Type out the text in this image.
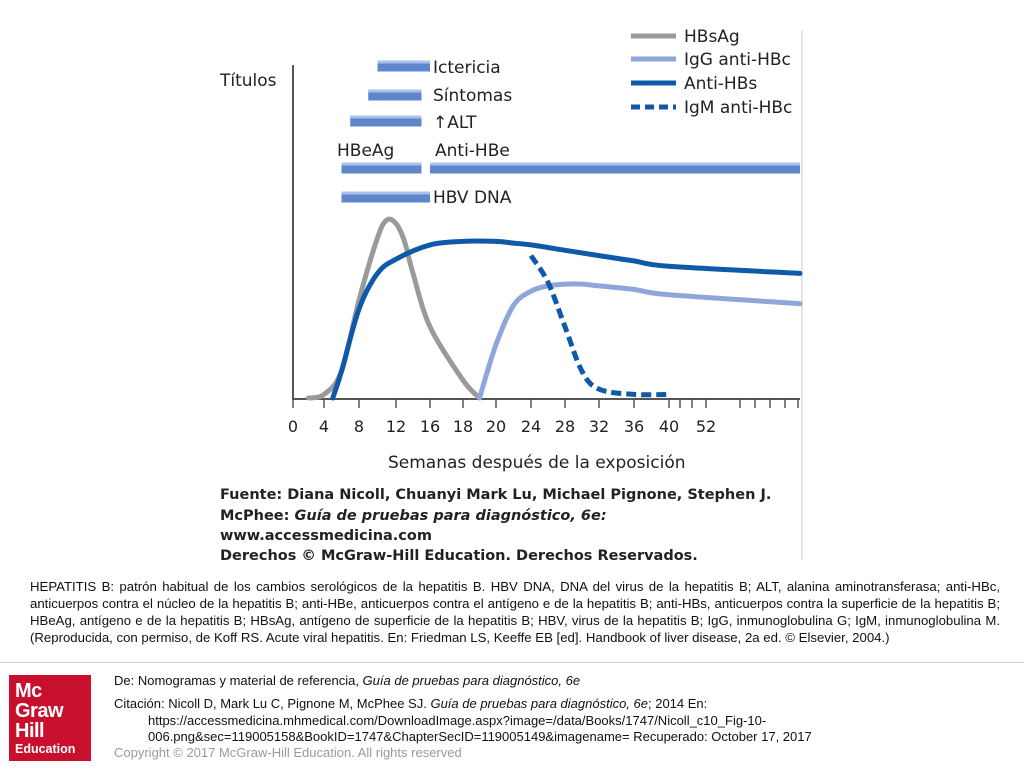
Títulos
Semanas después de la exposición
0 4 8 12 16 18 20 24 28 32 36 40 52
Ictericia
Síntomas
↑ALT
HBeAg Anti-HBe
HBV DNA
HBsAg
IgG anti-HBc
Anti-HBs
IgM anti-HBc
Fuente: Diana Nicoll, Chuanyi Mark Lu, Michael Pignone, Stephen J.
McPhee: Guía de pruebas para diagnóstico, 6e:
www.accessmedicina.com
Derechos © McGraw-Hill Education. Derechos Reservados.

HEPATITIS B: patrón habitual de los cambios serológicos de la hepatitis B. HBV DNA, DNA del virus de la hepatitis B; ALT, alanina aminotransferasa; anti-HBc, anticuerpos contra el núcleo de la hepatitis B; anti-HBe, anticuerpos contra el antígeno e de la hepatitis B; anti-HBs, anticuerpos contra la superficie de la hepatitis B; HBeAg, antígeno e de la hepatitis B; HBsAg, antígeno de superficie de la hepatitis B; HBV, virus de la hepatitis B; IgG, inmunoglobulina G; IgM, inmunoglobulina M. (Reproducida, con permiso, de Koff RS. Acute viral hepatitis. En: Friedman LS, Keeffe EB [ed]. Handbook of liver disease, 2a ed. © Elsevier, 2004.)

Mc
Graw
Hill
Education

De: Nomogramas y material de referencia, Guía de pruebas para diagnóstico, 6e

Citación: Nicoll D, Mark Lu C, Pignone M, McPhee SJ. Guía de pruebas para diagnóstico, 6e; 2014 En:

https://accessmedicina.mhmedical.com/DownloadImage.aspx?image=/data/Books/1747/Nicoll_c10_Fig-10-

006.png&sec=119005158&BookID=1747&ChapterSecID=119005149&imagename= Recuperado: October 17, 2017

Copyright © 2017 McGraw-Hill Education. All rights reserved
